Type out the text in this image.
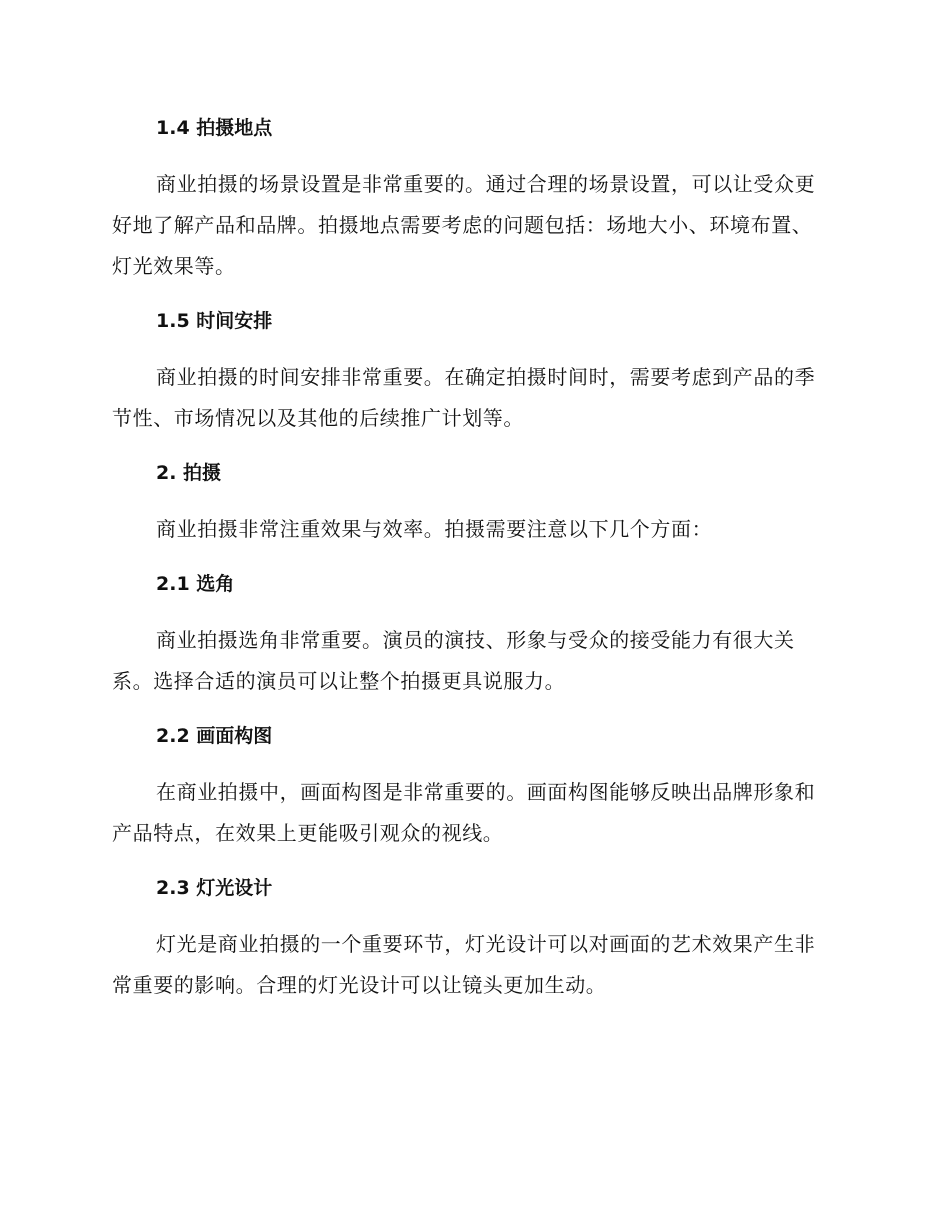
1.4 拍摄地点

商业拍摄的场景设置是非常重要的。通过合理的场景设置，可以让受众更好地了解产品和品牌。拍摄地点需要考虑的问题包括：场地大小、环境布置、灯光效果等。

1.5 时间安排

商业拍摄的时间安排非常重要。在确定拍摄时间时，需要考虑到产品的季节性、市场情况以及其他的后续推广计划等。

2. 拍摄

商业拍摄非常注重效果与效率。拍摄需要注意以下几个方面：

2.1 选角

商业拍摄选角非常重要。演员的演技、形象与受众的接受能力有很大关系。选择合适的演员可以让整个拍摄更具说服力。

2.2 画面构图

在商业拍摄中，画面构图是非常重要的。画面构图能够反映出品牌形象和产品特点，在效果上更能吸引观众的视线。

2.3 灯光设计

灯光是商业拍摄的一个重要环节，灯光设计可以对画面的艺术效果产生非常重要的影响。合理的灯光设计可以让镜头更加生动。
